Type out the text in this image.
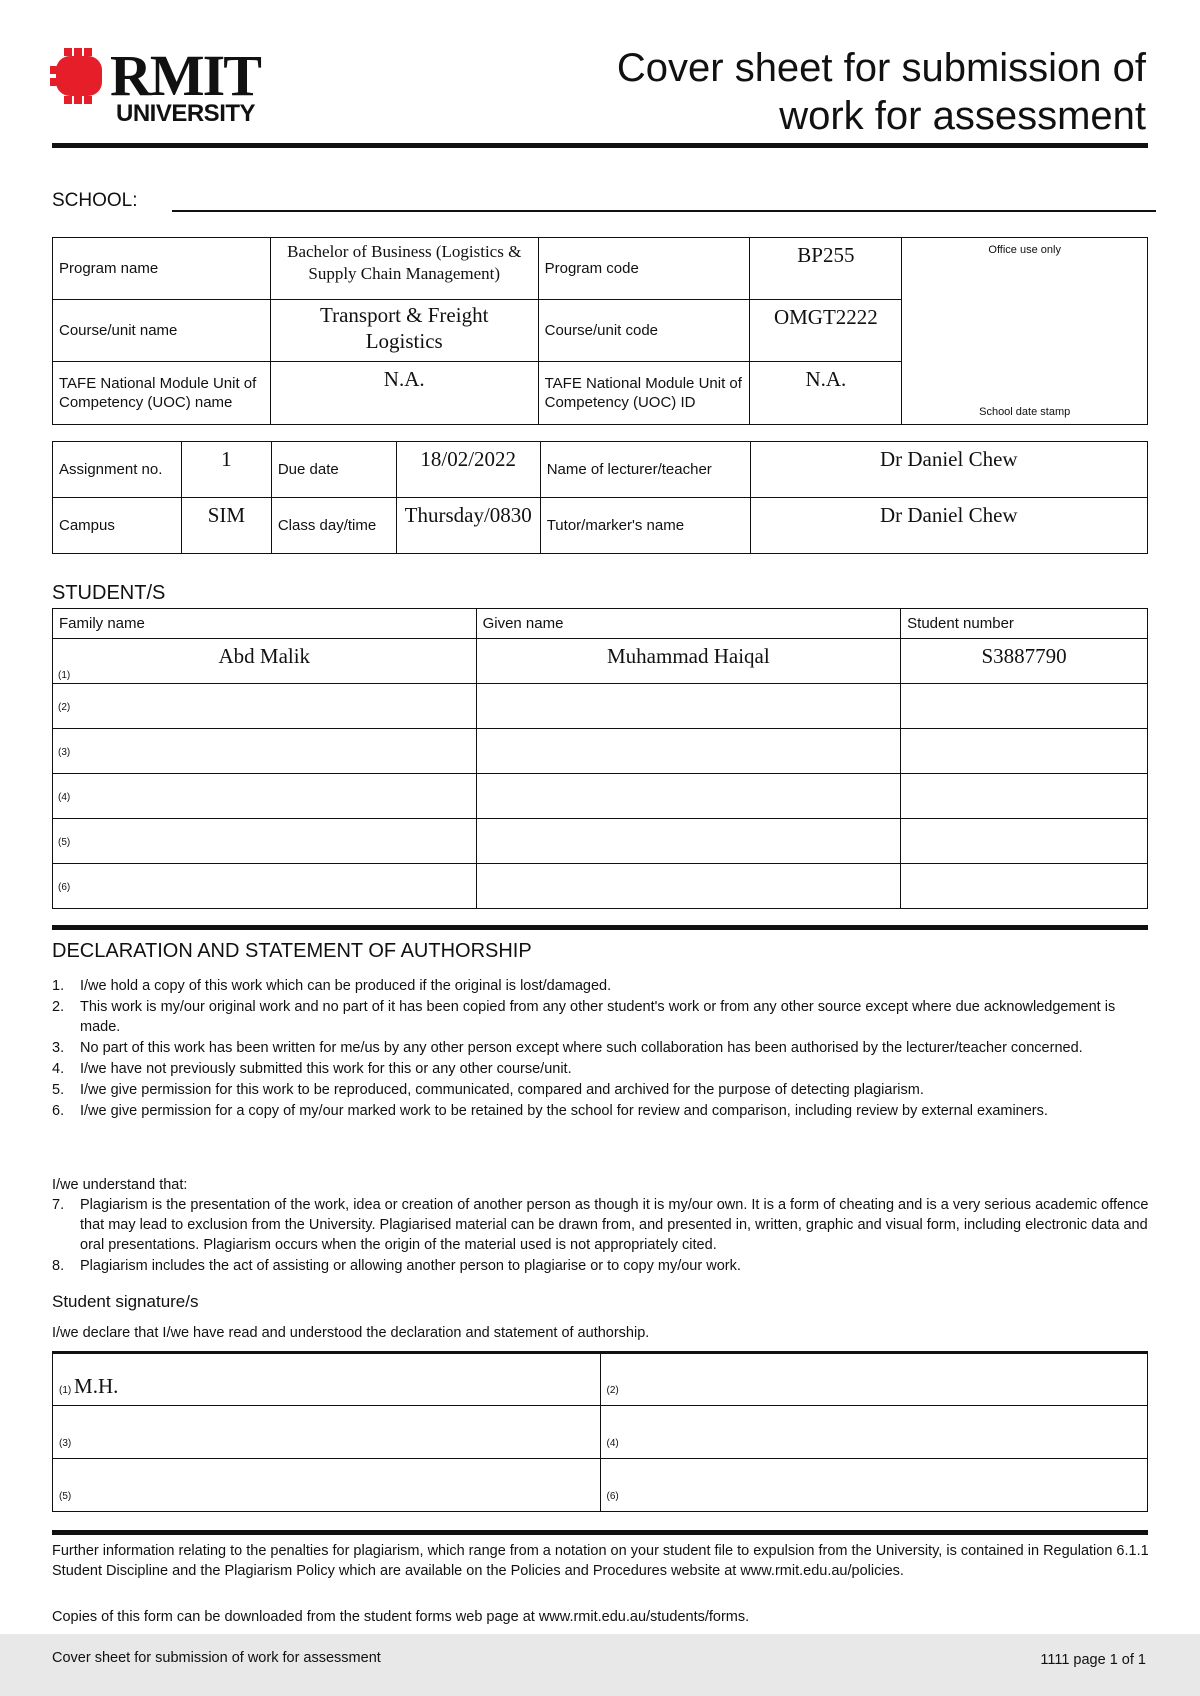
RMIT
UNIVERSITY
Cover sheet for submission of
work for assessment
SCHOOL:
Program name	Bachelor of Business (Logistics & Supply Chain Management)	Program code	BP255	Office use only
School date stamp

Course/unit name	Transport & Freight Logistics	Course/unit code	OMGT2222	
TAFE National Module Unit of Competency (UOC) name	N.A.	TAFE National Module Unit of Competency (UOC) ID	N.A.	
Assignment no.	1	Due date	18/02/2022	Name of lecturer/teacher	Dr Daniel Chew
Campus	SIM	Class day/time	Thursday/0830	Tutor/marker's name	Dr Daniel Chew
STUDENT/S
Family name	Given name	Student number

(1)
Abd Malik	Muhammad Haiqal	S3887790

(2)		

(3)		

(4)		

(5)		

(6)		

DECLARATION AND STATEMENT OF AUTHORSHIP
1. I/we hold a copy of this work which can be produced if the original is lost/damaged.
2. This work is my/our original work and no part of it has been copied from any other student's work or from any other source except where due acknowledgement is made.
3. No part of this work has been written for me/us by any other person except where such collaboration has been authorised by the lecturer/teacher concerned.
4. I/we have not previously submitted this work for this or any other course/unit.
5. I/we give permission for this work to be reproduced, communicated, compared and archived for the purpose of detecting plagiarism.
6. I/we give permission for a copy of my/our marked work to be retained by the school for review and comparison, including review by external examiners.
I/we understand that:
7. Plagiarism is the presentation of the work, idea or creation of another person as though it is my/our own. It is a form of cheating and is a very serious academic offence that may lead to exclusion from the University. Plagiarised material can be drawn from, and presented in, written, graphic and visual form, including electronic data and oral presentations. Plagiarism occurs when the origin of the material used is not appropriately cited.
8. Plagiarism includes the act of assisting or allowing another person to plagiarise or to copy my/our work.
Student signature/s
I/we declare that I/we have read and understood the declaration and statement of authorship.
(1) M.H.	(2)
(3)	(4)
(5)	(6)
Further information relating to the penalties for plagiarism, which range from a notation on your student file to expulsion from the University, is contained in Regulation 6.1.1 Student Discipline and the Plagiarism Policy which are available on the Policies and Procedures website at www.rmit.edu.au/policies.
Copies of this form can be downloaded from the student forms web page at www.rmit.edu.au/students/forms.
Cover sheet for submission of work for assessment	1111 page 1 of 1
